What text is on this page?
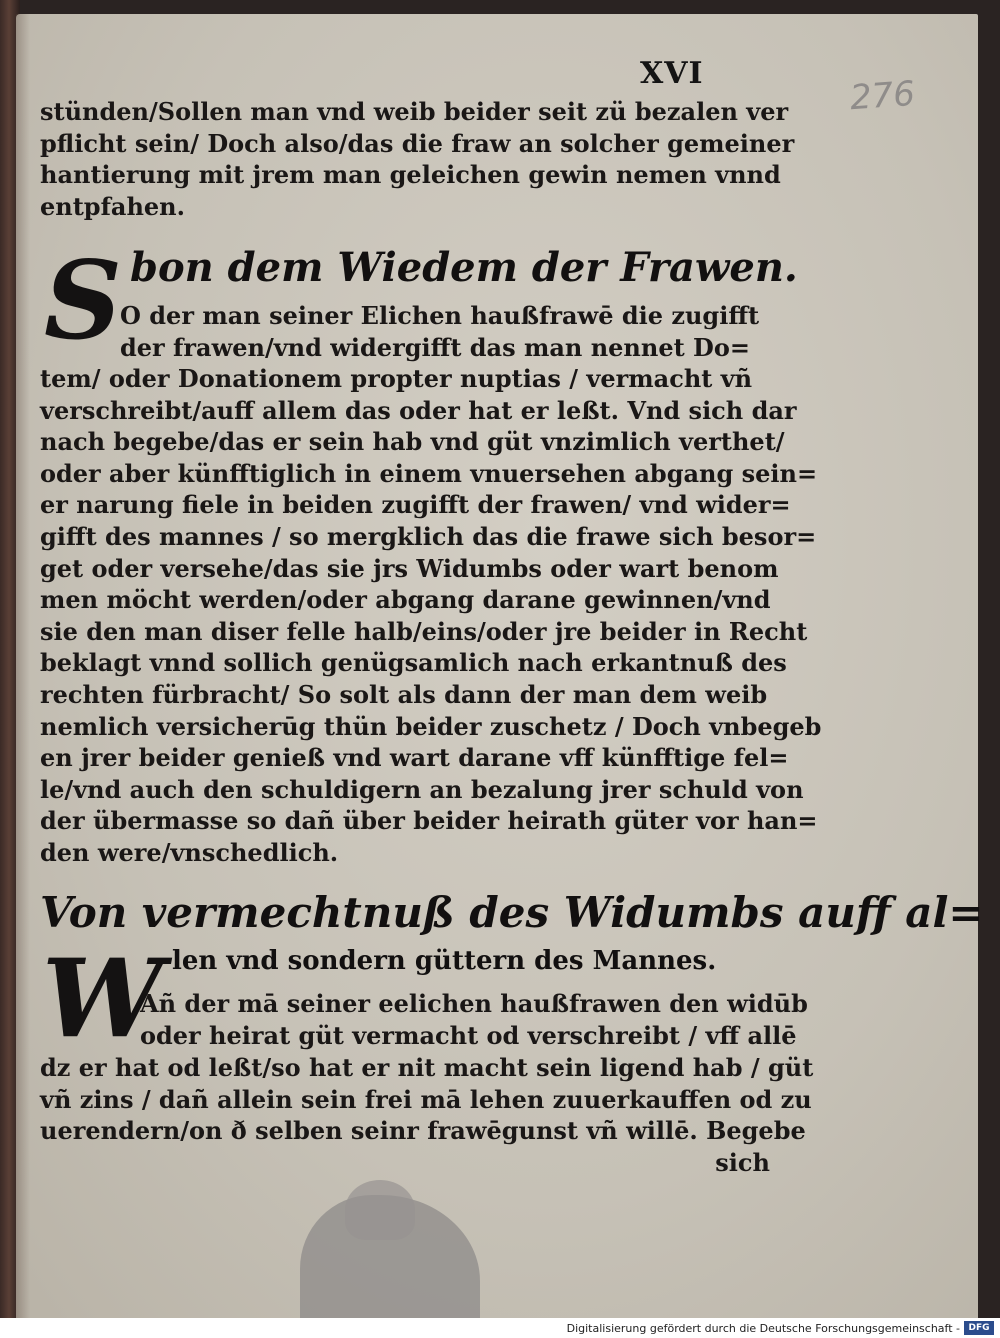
XVI
276
stünden/Sollen man vnd weib beider seit zü bezalen ver
pflicht sein/ Doch also/das die fraw an solcher gemeiner
hantierung mit jrem man geleichen gewin nemen vnnd
entpfahen.
S bon dem Wiedem der Frawen.
O der man seiner Elichen haußfrawē die zugifft
der frawen/vnd widergifft das man nennet Do=
tem/ oder Donationem propter nuptias / vermacht vñ
verschreibt/auff allem das oder hat er leßt. Vnd sich dar
nach begebe/das er sein hab vnd güt vnzimlich verthet/
oder aber künfftiglich in einem vnuersehen abgang sein=
er narung fiele in beiden zugifft der frawen/ vnd wider=
gifft des mannes / so mergklich das die frawe sich besor=
get oder versehe/das sie jrs Widumbs oder wart benom
men möcht werden/oder abgang darane gewinnen/vnd
sie den man diser felle halb/eins/oder jre beider in Recht
beklagt vnnd sollich genügsamlich nach erkantnuß des
rechten fürbracht/ So solt als dann der man dem weib
nemlich versicherūg thün beider zuschetz / Doch vnbegeb
en jrer beider genieß vnd wart darane vff künfftige fel=
le/vnd auch den schuldigern an bezalung jrer schuld von
der übermasse so dañ über beider heirath güter vor han=
den were/vnschedlich.
Von vermechtnuß des Widumbs auff al=
len vnd sondern güttern des Mannes.
W
Añ der mā seiner eelichen haußfrawen den widūb
oder heirat güt vermacht od verschreibt / vff allē
dz er hat od leßt/so hat er nit macht sein ligend hab / güt
vñ zins / dañ allein sein frei mā lehen zuuerkauffen od zu
uerendern/on ð selben seinr frawēgunst vñ willē. Begebe
sich
Digitalisierung gefördert durch die Deutsche Forschungsgemeinschaft - DFG
